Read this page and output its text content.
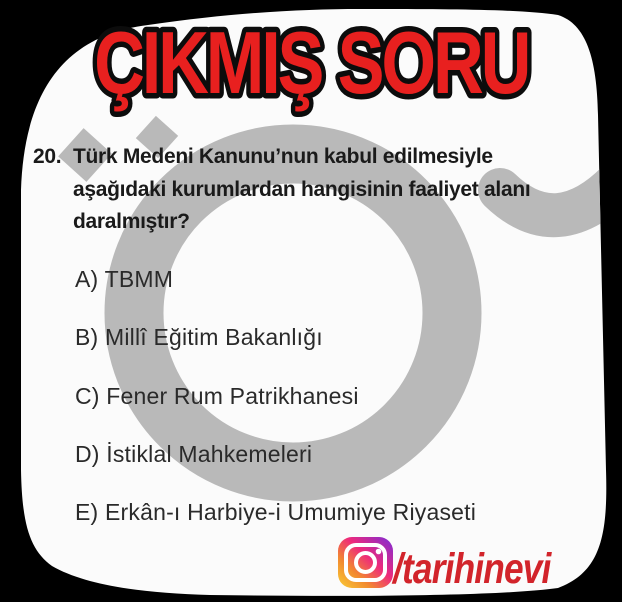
ÇIKMIŞ SORU
20. Türk Medeni Kanunu’nun kabul edilmesiyle
aşağıdaki kurumlardan hangisinin faaliyet alanı
daralmıştır?
A) TBMM
B) Millî Eğitim Bakanlığı
C) Fener Rum Patrikhanesi
D) İstiklal Mahkemeleri
E) Erkân-ı Harbiye-i Umumiye Riyaseti
/tarihinevi
